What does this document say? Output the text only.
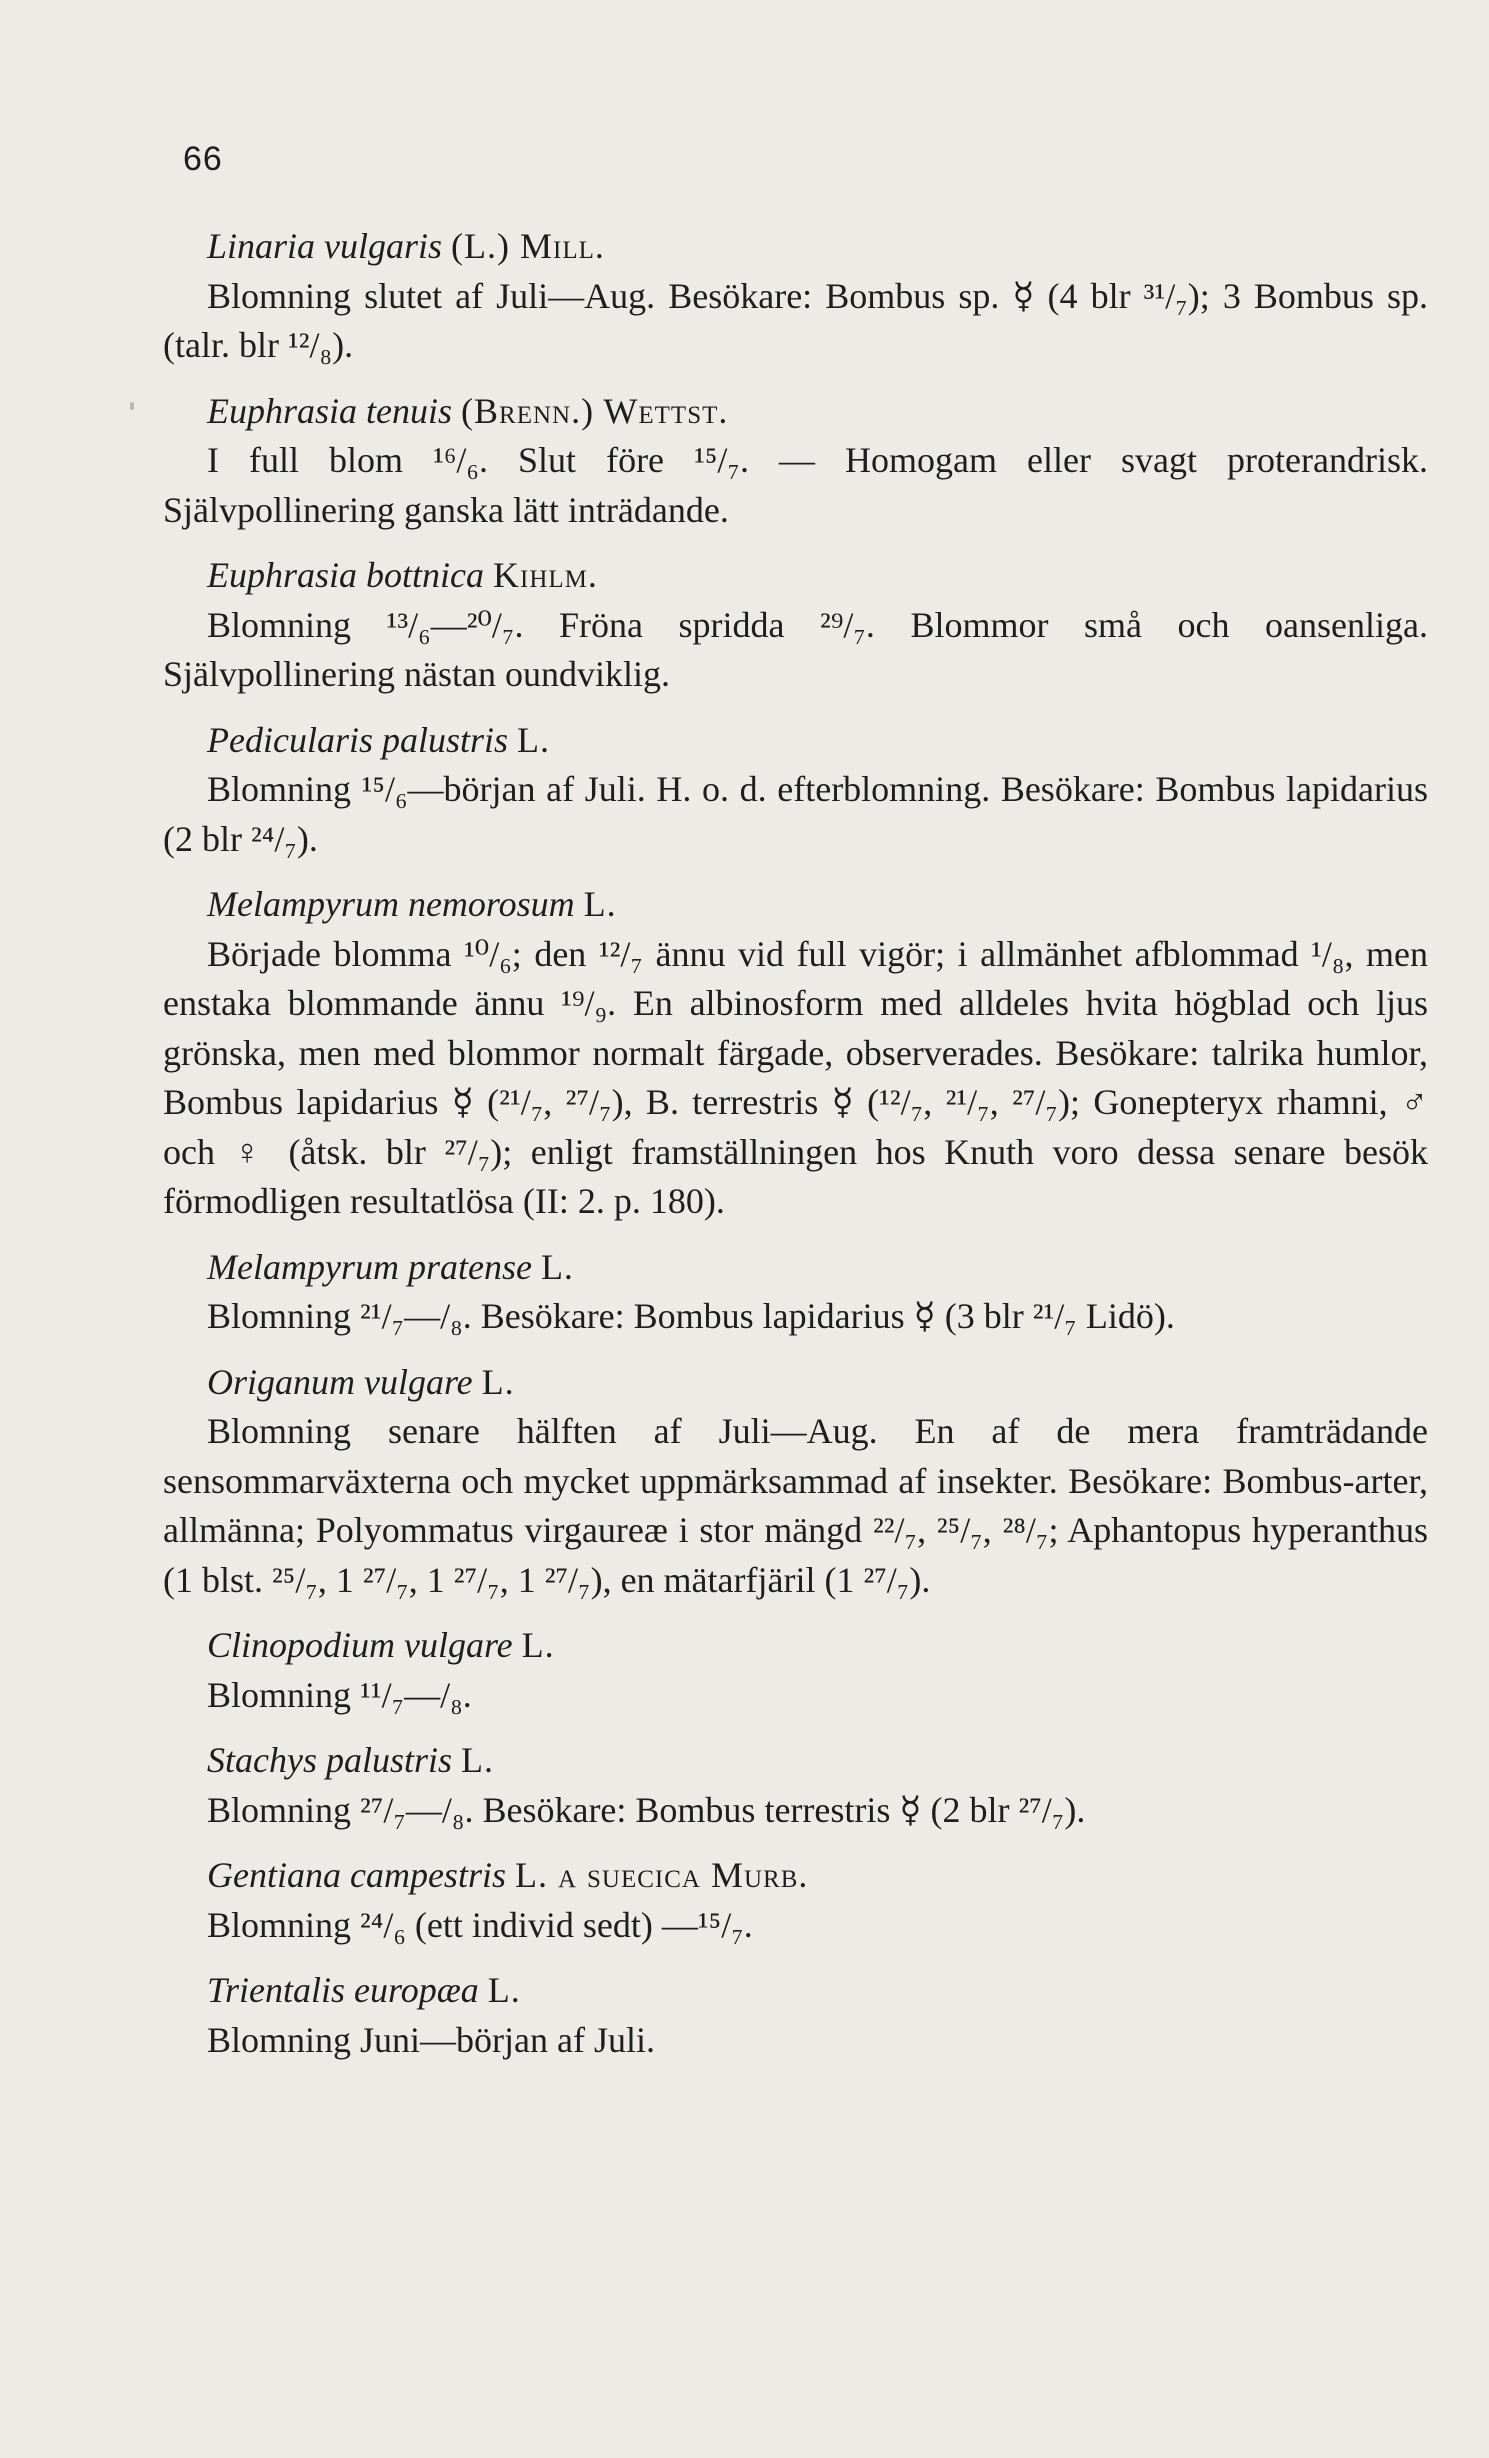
66
Linaria vulgaris (L.) Mill.
Blomning slutet af Juli—Aug. Besökare: Bombus sp. ☿ (4 blr ³¹/₇); 3 Bombus sp. (talr. blr ¹²/₈).
Euphrasia tenuis (Brenn.) Wettst.
I full blom ¹⁶/₆. Slut före ¹⁵/₇. — Homogam eller svagt proterandrisk. Självpollinering ganska lätt inträdande.
Euphrasia bottnica Kihlm.
Blomning ¹³/₆—²⁰/₇. Fröna spridda ²⁹/₇. Blommor små och oansenliga. Självpollinering nästan oundviklig.
Pedicularis palustris L.
Blomning ¹⁵/₆—början af Juli. H. o. d. efterblomning. Besökare: Bombus lapidarius (2 blr ²⁴/₇).
Melampyrum nemorosum L.
Började blomma ¹⁰/₆; den ¹²/₇ ännu vid full vigör; i allmänhet afblommad ¹/₈, men enstaka blommande ännu ¹⁹/₉. En albinosform med alldeles hvita högblad och ljus grönska, men med blommor normalt färgade, observerades. Besökare: talrika humlor, Bombus lapidarius ☿ (²¹/₇, ²⁷/₇), B. terrestris ☿ (¹²/₇, ²¹/₇, ²⁷/₇); Gonepteryx rhamni, ♂ och ♀ (åtsk. blr ²⁷/₇); enligt framställningen hos Knuth voro dessa senare besök förmodligen resultatlösa (II: 2. p. 180).
Melampyrum pratense L.
Blomning ²¹/₇—/₈. Besökare: Bombus lapidarius ☿ (3 blr ²¹/₇ Lidö).
Origanum vulgare L.
Blomning senare hälften af Juli—Aug. En af de mera framträdande sensommarväxterna och mycket uppmärksammad af insekter. Besökare: Bombus-arter, allmänna; Polyommatus virgaureæ i stor mängd ²²/₇, ²⁵/₇, ²⁸/₇; Aphantopus hyperanthus (1 blst. ²⁵/₇, 1 ²⁷/₇, 1 ²⁷/₇, 1 ²⁷/₇), en mätarfjäril (1 ²⁷/₇).
Clinopodium vulgare L.
Blomning ¹¹/₇—/₈.
Stachys palustris L.
Blomning ²⁷/₇—/₈. Besökare: Bombus terrestris ☿ (2 blr ²⁷/₇).
Gentiana campestris L. α suecica Murb.
Blomning ²⁴/₆ (ett individ sedt) —¹⁵/₇.
Trientalis europæa L.
Blomning Juni—början af Juli.
